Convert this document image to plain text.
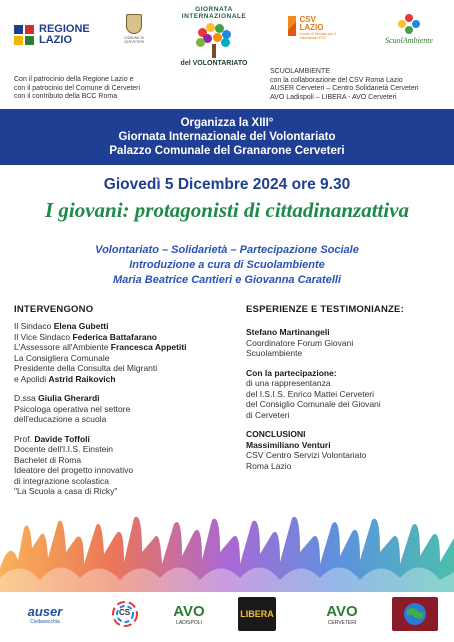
REGIONE
LAZIO	COMUNE DI CERVETERI
GIORNATA INTERNAZIONALE
del VOLONTARIATO
CSV
LAZIO
Centro di Servizio per il Volontariato ETS	ScuolAmbiente
Con il patrocinio della Regione Lazio e
con il patrocinio del Comune di Cerveteri
con il contributo della BCC Roma
SCUOLAMBIENTE
con la collaborazione del CSV Roma Lazio
AUSER Cerveteri – Centro Solidarietà Cerveteri
AVO Ladispoli – LIBERA - AVO Cerveteri
Organizza la XIII°
Giornata Internazionale del Volontariato
Palazzo Comunale del Granarone Cerveteri
Giovedì 5 Dicembre 2024 ore 9.30
I giovani: protagonisti di cittadinanzattiva
Volontariato – Solidarietà – Partecipazione Sociale
Introduzione a cura di Scuolambiente
Maria Beatrice Cantieri e Giovanna Caratelli
INTERVENGONO
Il Sindaco Elena Gubetti
Il Vice Sindaco Federica Battafarano
L'Assessore all'Ambiente Francesca Appetiti
La Consigliera Comunale
Presidente della Consulta dei Migranti
e Apolidi Astrid Raikovich
D.ssa Giulia Gherardi
Psicologa operativa nel settore
dell'educazione a scuola
Prof. Davide Toffoli
Docente dell'I.I.S. Einstein
Bachelet di Roma
Ideatore del progetto innovativo
di integrazione scolastica
"La Scuola a casa di Ricky"
ESPERIENZE E TESTIMONIANZE:
Stefano Martinangeli
Coordinatore Forum Giovani
Scuolambiente
Con la partecipazione:
di una rappresentanza
del I.S.I.S. Enrico Mattei Cerveteri
del Consiglio Comunale dei Giovani
di Cerveteri
CONCLUSIONI
Massimiliano Venturi
CSV Centro Servizi Volontariato
Roma Lazio
auser
Civitavecchia
CS	AVO
LADISPOLI
LIBERA	AVO
CERVETERI
